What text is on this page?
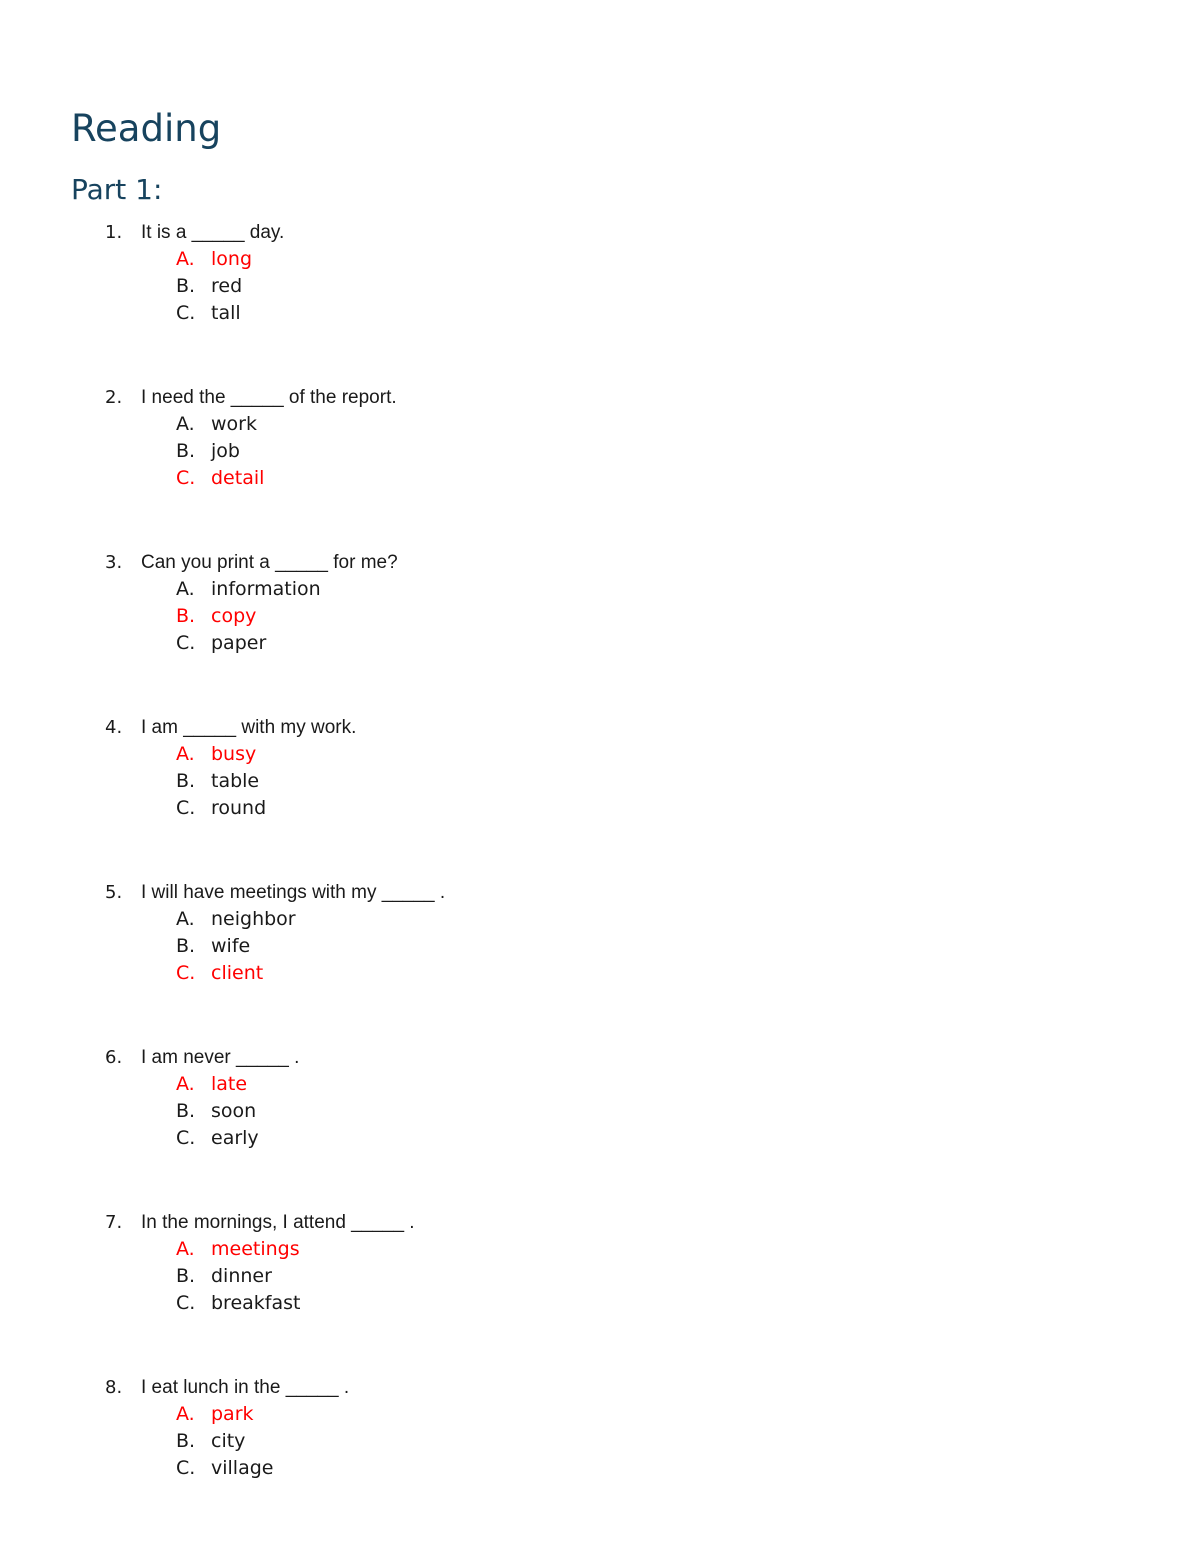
Reading
Part 1:
1. It is a _____ day.
A. long
B. red
C. tall
2. I need the _____ of the report.
A. work
B. job
C. detail
3. Can you print a _____ for me?
A. information
B. copy
C. paper
4. I am _____ with my work.
A. busy
B. table
C. round
5. I will have meetings with my _____ .
A. neighbor
B. wife
C. client
6. I am never _____ .
A. late
B. soon
C. early
7. In the mornings, I attend _____ .
A. meetings
B. dinner
C. breakfast
8. I eat lunch in the _____ .
A. park
B. city
C. village
